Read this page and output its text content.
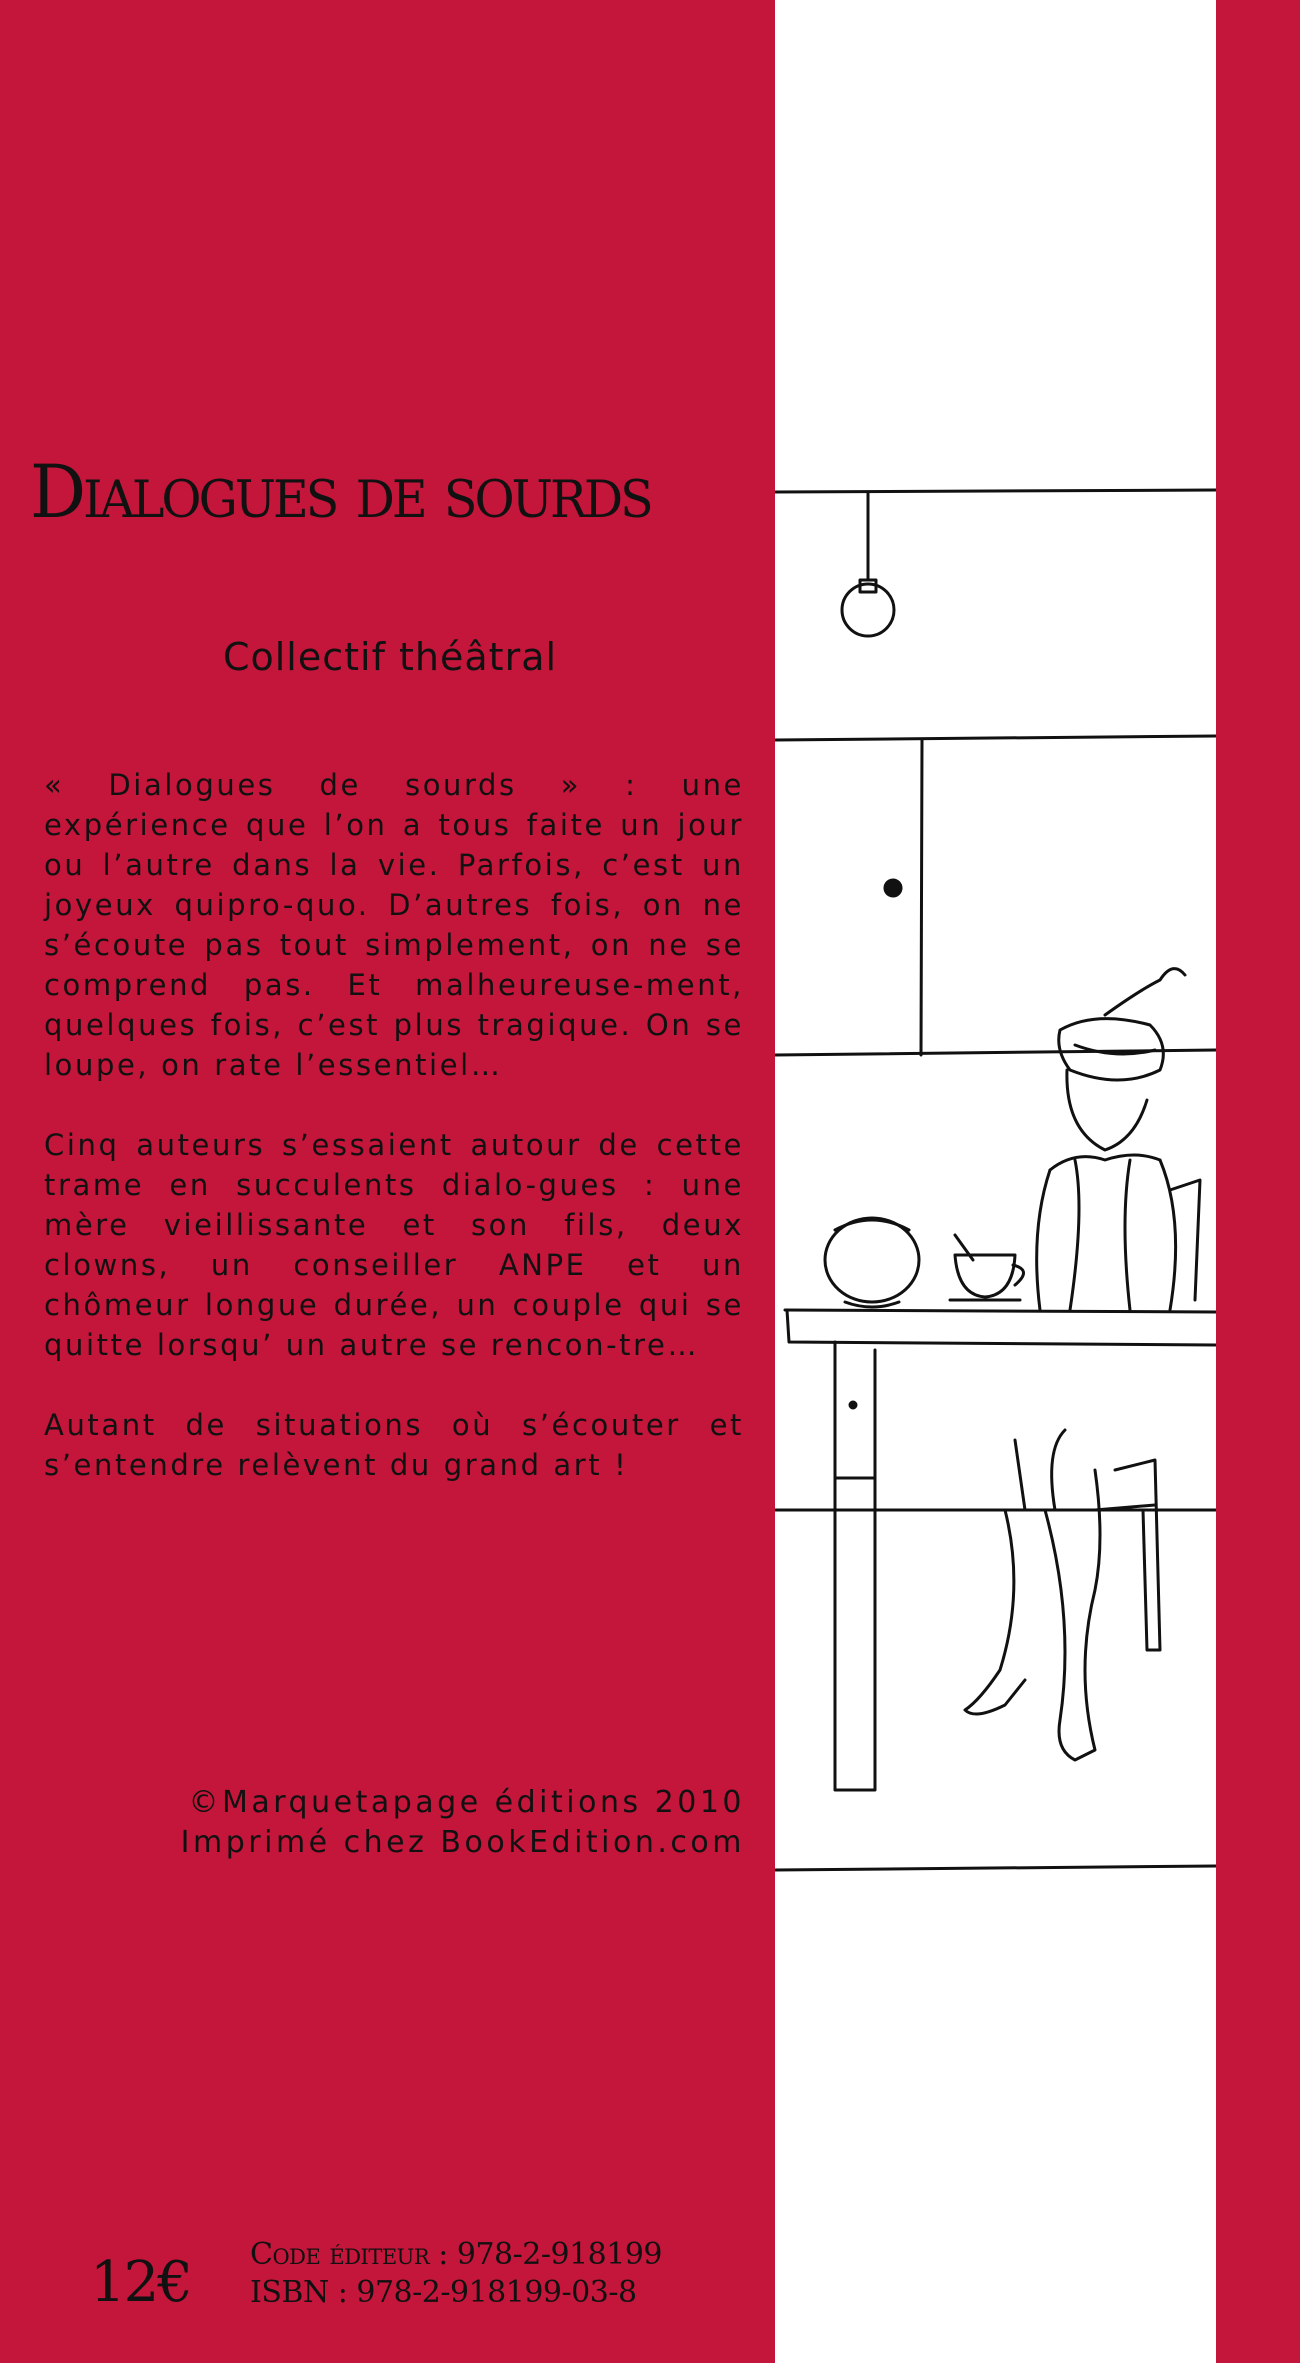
Dialogues de sourds
Collectif théâtral

« Dialogues de sourds » : une expérience que l’on a tous faite un jour ou l’autre dans la vie. Parfois, c’est un joyeux quipro-quo. D’autres fois, on ne s’écoute pas tout simplement, on ne se comprend pas. Et malheureuse-ment, quelques fois, c’est plus tragique. On se loupe, on rate l’essentiel…

Cinq auteurs s’essaient autour de cette trame en succulents dialo-gues : une mère vieillissante et son fils, deux clowns, un conseiller ANPE et un chômeur longue durée, un couple qui se quitte lorsqu’ un autre se rencon-tre…

Autant de situations où s’écouter et s’entendre relèvent du grand art !

©Marquetapage éditions 2010
Imprimé chez BookEdition.com
12€ Code éditeur : 978-2-918199
ISBN : 978-2-918199-03-8
